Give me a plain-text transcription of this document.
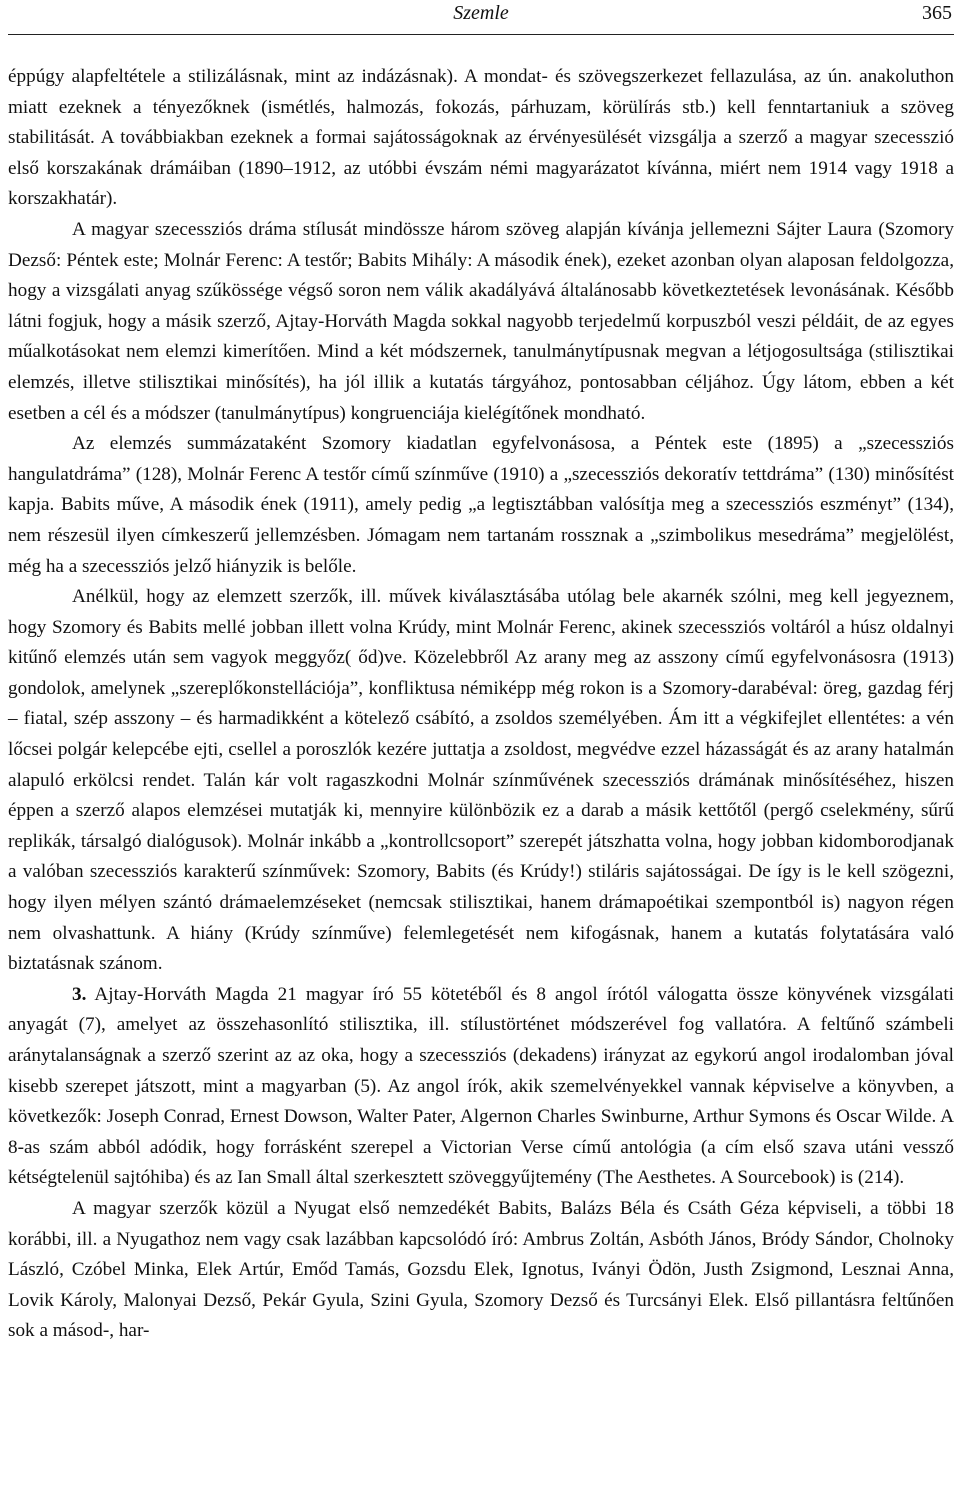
Szemle	365

éppúgy alapfeltétele a stilizálásnak, mint az indázásnak). A mondat- és szövegszerkezet fellazulása, az ún. anakoluthon miatt ezeknek a tényezőknek (ismétlés, halmozás, fokozás, párhuzam, körülírás stb.) kell fenntartaniuk a szöveg stabilitását. A továbbiakban ezeknek a formai sajátosságoknak az érvényesülését vizsgálja a szerző a magyar szecesszió első korszakának drámáiban (1890–1912, az utóbbi évszám némi magyarázatot kívánna, miért nem 1914 vagy 1918 a korszakhatár).

A magyar szecessziós dráma stílusát mindössze három szöveg alapján kívánja jellemezni Sájter Laura (Szomory Dezső: Péntek este; Molnár Ferenc: A testőr; Babits Mihály: A második ének), ezeket azonban olyan alaposan feldolgozza, hogy a vizsgálati anyag szűkössége végső soron nem válik akadályává általánosabb következtetések levonásának. Később látni fogjuk, hogy a másik szerző, Ajtay-Horváth Magda sokkal nagyobb terjedelmű korpuszból veszi példáit, de az egyes műalkotásokat nem elemzi kimerítően. Mind a két módszernek, tanulmánytípusnak megvan a létjogosultsága (stilisztikai elemzés, illetve stilisztikai minősítés), ha jól illik a kutatás tárgyához, pontosabban céljához. Úgy látom, ebben a két esetben a cél és a módszer (tanulmánytípus) kongruenciája kielégítőnek mondható.

Az elemzés summázataként Szomory kiadatlan egyfelvonásosa, a Péntek este (1895) a „szecessziós hangulatdráma” (128), Molnár Ferenc A testőr című színműve (1910) a „szecessziós dekoratív tettdráma” (130) minősítést kapja. Babits műve, A második ének (1911), amely pedig „a legtisztábban valósítja meg a szecessziós eszményt” (134), nem részesül ilyen címkeszerű jellemzésben. Jómagam nem tartanám rossznak a „szimbolikus mesedráma” megjelölést, még ha a szecessziós jelző hiányzik is belőle.

Anélkül, hogy az elemzett szerzők, ill. művek kiválasztásába utólag bele akarnék szólni, meg kell jegyeznem, hogy Szomory és Babits mellé jobban illett volna Krúdy, mint Molnár Ferenc, akinek szecessziós voltáról a húsz oldalnyi kitűnő elemzés után sem vagyok meggyőz( őd)ve. Közelebbről Az arany meg az asszony című egyfelvonásosra (1913) gondolok, amelynek „szereplőkonstellációja”, konfliktusa némiképp még rokon is a Szomory-darabéval: öreg, gazdag férj – fiatal, szép asszony – és harmadikként a kötelező csábító, a zsoldos személyében. Ám itt a végkifejlet ellentétes: a vén lőcsei polgár kelepcébe ejti, csellel a poroszlók kezére juttatja a zsoldost, megvédve ezzel házasságát és az arany hatalmán alapuló erkölcsi rendet. Talán kár volt ragaszkodni Molnár színművének szecessziós drámának minősítéséhez, hiszen éppen a szerző alapos elemzései mutatják ki, mennyire különbözik ez a darab a másik kettőtől (pergő cselekmény, sűrű replikák, társalgó dialógusok). Molnár inkább a „kontrollcsoport” szerepét játszhatta volna, hogy jobban kidomborodjanak a valóban szecessziós karakterű színművek: Szomory, Babits (és Krúdy!) stiláris sajátosságai. De így is le kell szögezni, hogy ilyen mélyen szántó drámaelemzéseket (nemcsak stilisztikai, hanem drámapoétikai szempontból is) nagyon régen nem olvashattunk. A hiány (Krúdy színműve) felemlegetését nem kifogásnak, hanem a kutatás folytatására való biztatásnak szánom.

3. Ajtay-Horváth Magda 21 magyar író 55 kötetéből és 8 angol írótól válogatta össze könyvének vizsgálati anyagát (7), amelyet az összehasonlító stilisztika, ill. stílustörténet módszerével fog vallatóra. A feltűnő számbeli aránytalanságnak a szerző szerint az az oka, hogy a szecessziós (dekadens) irányzat az egykorú angol irodalomban jóval kisebb szerepet játszott, mint a magyarban (5). Az angol írók, akik szemelvényekkel vannak képviselve a könyvben, a következők: Joseph Conrad, Ernest Dowson, Walter Pater, Algernon Charles Swinburne, Arthur Symons és Oscar Wilde. A 8-as szám abból adódik, hogy forrásként szerepel a Victorian Verse című antológia (a cím első szava utáni vessző kétségtelenül sajtóhiba) és az Ian Small által szerkesztett szöveggyűjtemény (The Aesthetes. A Sourcebook) is (214).

A magyar szerzők közül a Nyugat első nemzedékét Babits, Balázs Béla és Csáth Géza képviseli, a többi 18 korábbi, ill. a Nyugathoz nem vagy csak lazábban kapcsolódó író: Ambrus Zoltán, Asbóth János, Bródy Sándor, Cholnoky László, Czóbel Minka, Elek Artúr, Emőd Tamás, Gozsdu Elek, Ignotus, Iványi Ödön, Justh Zsigmond, Lesznai Anna, Lovik Károly, Malonyai Dezső, Pekár Gyula, Szini Gyula, Szomory Dezső és Turcsányi Elek. Első pillantásra feltűnően sok a másod-, har-
